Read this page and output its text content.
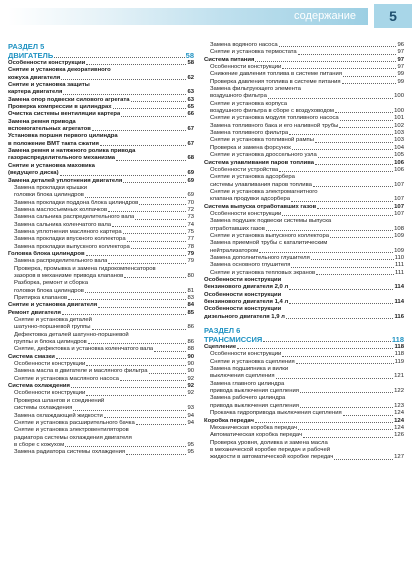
содержание	5
РАЗДЕЛ 5
ДВИГАТЕЛЬ	58
Особенности конструкции	58
Снятие и установка декоративного
кожуха двигателя	62
Снятие и установка защиты
картера двигателя	63
Замена опор подвески силового агрегата	63
Проверка компрессии в цилиндрах	65
Очистка системы вентиляции картера	66
Замена ремня привода
вспомогательных агрегатов	67
Установка поршня первого цилиндра
в положение ВМТ такта сжатия	67
Замена ремня и натяжного ролика привода
газораспределительного механизма	68
Снятие и установка маховика
(ведущего диска)	69
Замена деталей уплотнения двигателя	69
Замена прокладки крышки
головки блока цилиндров	69
Замена прокладки поддона блока цилиндров	70
Замена маслосъемных колпачков	72
Замена сальника распределительного вала	73
Замена сальника коленчатого вала	74
Замена уплотнения масляного картера	75
Замена прокладки впускного коллектора	77
Замена прокладки выпускного коллектора	78
Головка блока цилиндров	79
Замена распределительного вала	79
Проверка, промывка и замена гидрокомпенсаторов
зазоров в механизме привода клапанов	80
Разборка, ремонт и сборка
головки блока цилиндров	81
Притирка клапанов	83
Снятие и установка двигателя	84
Ремонт двигателя	85
Снятие и установка деталей
шатунно-поршневой группы	86
Дефектовка деталей шатунно-поршневой
группы и блока цилиндров	86
Снятие, дефектовка и установка коленчатого вала	88
Система смазки	90
Особенности конструкции	90
Замена масла в двигателе и масляного фильтра	90
Снятие и установка масляного насоса	92
Система охлаждения	92
Особенности конструкции	92
Проверка шлангов и соединений
системы охлаждения	93
Замена охлаждающей жидкости	94
Снятие и установка расширительного бачка	94
Снятие и установка электровентиляторов
радиатора системы охлаждения двигателя
в сборе с кожухом	95
Замена радиатора системы охлаждения	95
Замена водяного насоса	96
Снятие и установка термостата	97
Система питания	97
Особенности конструкции	97
Снижение давления топлива в системе питания	99
Проверка давления топлива в системе питания	99
Замена фильтрующего элемента
воздушного фильтра	100
Снятие и установка корпуса
воздушного фильтра в сборе с воздуховодом	100
Снятие и установка модуля топливного насоса	101
Замена топливного бака и его наливной трубы	102
Замена топливного фильтра	103
Снятие и установка топливной рампы	103
Проверка и замена форсунок	104
Снятие и установка дроссельного узла	105
Система улавливания паров топлива	106
Особенности устройства	106
Снятие и установка адсорбера
системы улавливания паров топлива	107
Снятие и установка электромагнитного
клапана продувки адсорбера	107
Система выпуска отработавших газов	107
Особенности конструкции	107
Замена подушек подвески системы выпуска
отработавших газов	108
Снятие и установка выпускного коллектора	109
Замена приемной трубы с каталитическим
нейтрализатором	109
Замена дополнительного глушителя	110
Замена основного глушителя	111
Снятие и установка тепловых экранов	111
Особенности конструкции
бензинового двигателя 2,0 л	114
Особенности конструкции
бензинового двигателя 1,4 л	114
Особенности конструкции
дизельного двигателя 1,9 л	116
РАЗДЕЛ 6
ТРАНСМИССИЯ	118
Сцепление	118
Особенности конструкции	118
Снятие и установка сцепления	119
Замена подшипника и вилки
выключения сцепления	121
Замена главного цилиндра
привода выключения сцепления	122
Замена рабочего цилиндра
привода выключения сцепления	123
Прокачка гидропривода выключения сцепления	124
Коробка передач	124
Механическая коробка передач	124
Автоматическая коробка передач	126
Проверка уровня, доливка и замена масла
в механической коробке передач и рабочей
жидкости в автоматической коробке передач	127
